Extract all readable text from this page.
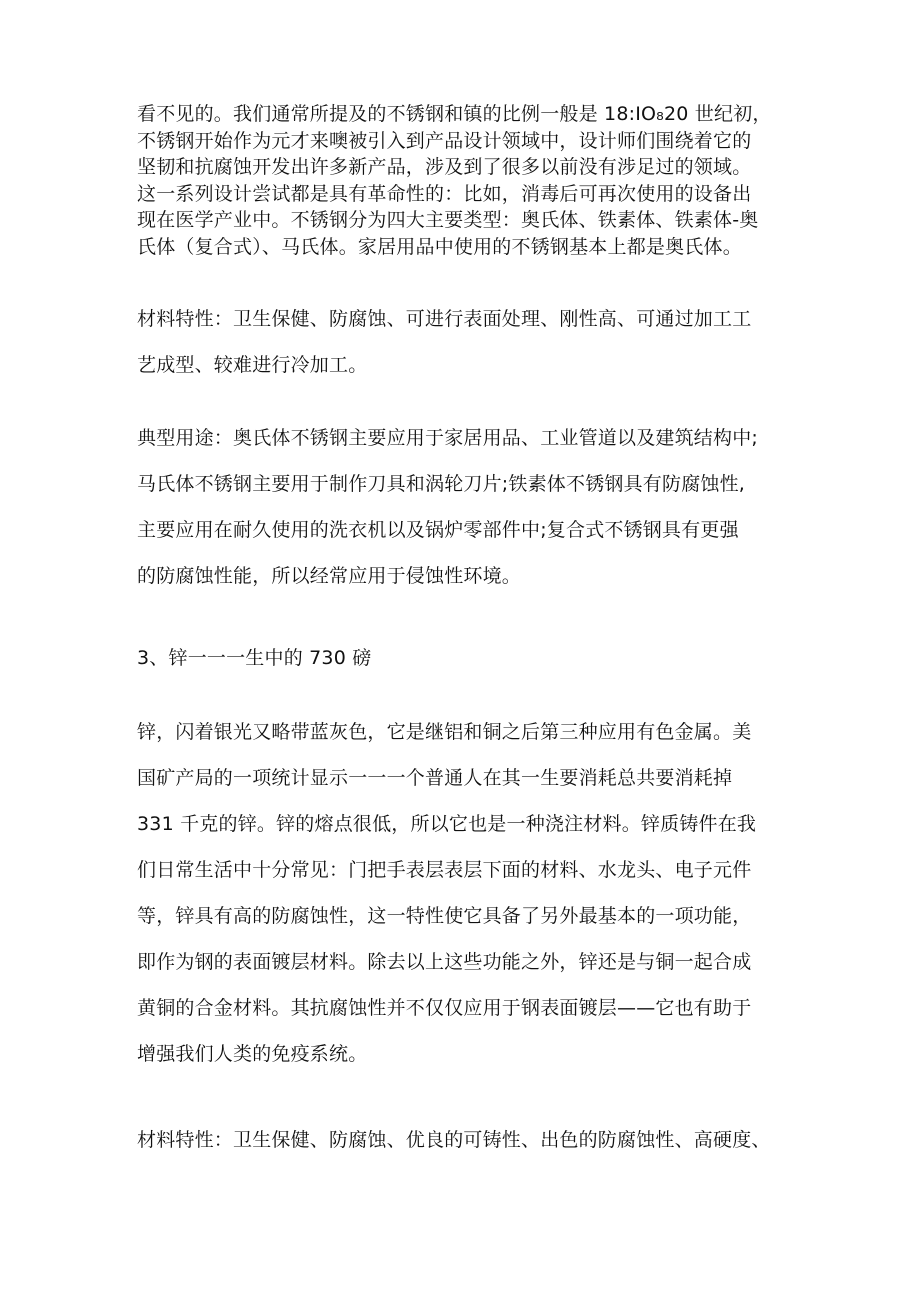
看不见的。我们通常所提及的不锈钢和镇的比例一般是 18:IO₈20 世纪初，
不锈钢开始作为元才来噢被引入到产品设计领域中，设计师们围绕着它的
坚韧和抗腐蚀开发出许多新产品，涉及到了很多以前没有涉足过的领域。
这一系列设计尝试都是具有革命性的：比如，消毒后可再次使用的设备出
现在医学产业中。不锈钢分为四大主要类型：奥氏体、铁素体、铁素体-奥
氏体（复合式）、马氏体。家居用品中使用的不锈钢基本上都是奥氏体。
材料特性：卫生保健、防腐蚀、可进行表面处理、刚性高、可通过加工工
艺成型、较难进行冷加工。
典型用途：奥氏体不锈钢主要应用于家居用品、工业管道以及建筑结构中;
马氏体不锈钢主要用于制作刀具和涡轮刀片;铁素体不锈钢具有防腐蚀性,
主要应用在耐久使用的洗衣机以及锅炉零部件中;复合式不锈钢具有更强
的防腐蚀性能，所以经常应用于侵蚀性环境。
3、锌一一一生中的 730 磅
锌，闪着银光又略带蓝灰色，它是继铝和铜之后第三种应用有色金属。美
国矿产局的一项统计显示一一一个普通人在其一生要消耗总共要消耗掉
331 千克的锌。锌的熔点很低，所以它也是一种浇注材料。锌质铸件在我
们日常生活中十分常见：门把手表层表层下面的材料、水龙头、电子元件
等，锌具有高的防腐蚀性，这一特性使它具备了另外最基本的一项功能，
即作为钢的表面镀层材料。除去以上这些功能之外，锌还是与铜一起合成
黄铜的合金材料。其抗腐蚀性并不仅仅应用于钢表面镀层——它也有助于
增强我们人类的免疫系统。
材料特性：卫生保健、防腐蚀、优良的可铸性、出色的防腐蚀性、高硬度、
